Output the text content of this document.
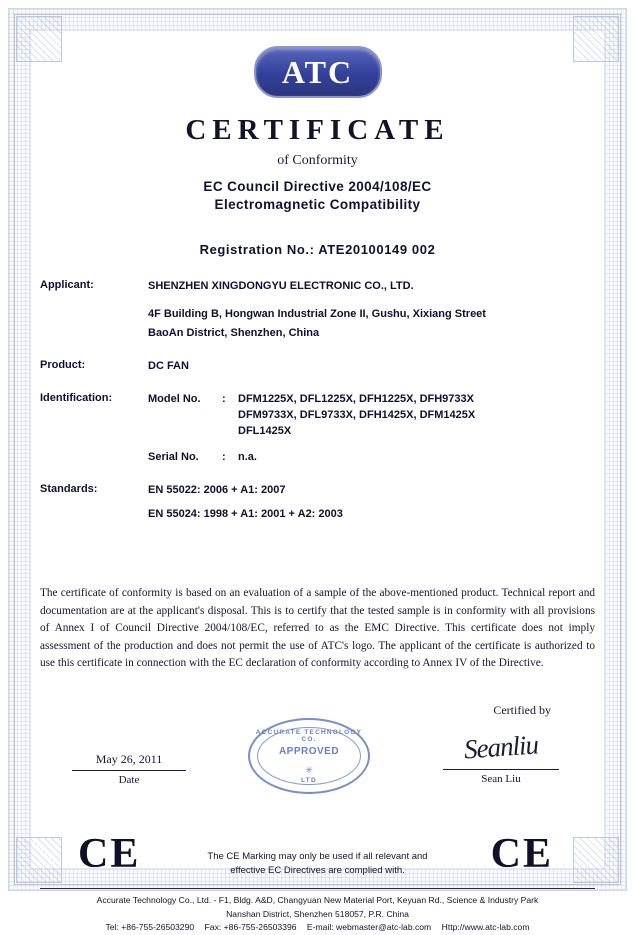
ATC
CERTIFICATE
of Conformity
EC Council Directive 2004/108/EC
Electromagnetic Compatibility
Registration No.: ATE20100149 002
Applicant:	SHENZHEN XINGDONGYU ELECTRONIC CO., LTD.
4F Building B, Hongwan Industrial Zone II, Gushu, Xixiang Street
BaoAn District, Shenzhen, China
Product:	DC FAN
Identification:	Model No.	:	DFM1225X, DFL1225X, DFH1225X, DFH9733X
DFM9733X, DFL9733X, DFH1425X, DFM1425X
DFL1425X
Serial No.	:	n.a.
Standards:	EN 55022: 2006 + A1: 2007
EN 55024: 1998 + A1: 2001 + A2: 2003
The certificate of conformity is based on an evaluation of a sample of the above-mentioned product. Technical report and documentation are at the applicant's disposal. This is to certify that the tested sample is in conformity with all provisions of Annex I of Council Directive 2004/108/EC, referred to as the EMC Directive. This certificate does not imply assessment of the production and does not permit the use of ATC's logo. The applicant of the certificate is authorized to use this certificate in connection with the EC declaration of conformity according to Annex IV of the Directive.
Certified by
May 26, 2011
Date
ACCURATE TECHNOLOGY CO.
APPROVED
✳
LTD
Seanliu
Sean Liu
CE	The CE Marking may only be used if all relevant and
effective EC Directives are complied with.	CE
Accurate Technology Co., Ltd. - F1, Bldg. A&D, Changyuan New Material Port, Keyuan Rd., Science & Industry Park
Nanshan District, Shenzhen 518057, P.R. China
Tel: +86-755-26503290 Fax: +86-755-26503396 E-mail: webmaster@atc-lab.com Http://www.atc-lab.com
